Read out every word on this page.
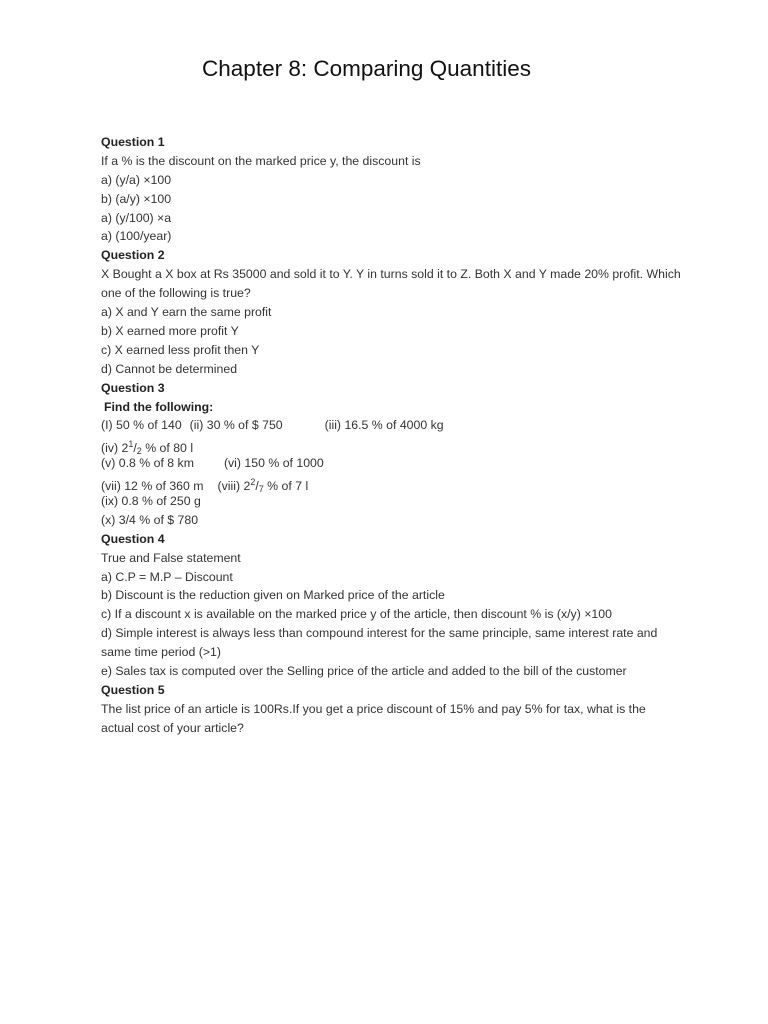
Chapter 8: Comparing Quantities
Question 1
If a % is the discount on the marked price y, the discount is
a) (y/a) ×100
b) (a/y) ×100
a) (y/100) ×a
a) (100/year)
Question 2
X Bought a X box at Rs 35000 and sold it to Y. Y in turns sold it to Z. Both X and Y made 20% profit. Which one of the following is true?
a) X and Y earn the same profit
b) X earned more profit Y
c) X earned less profit then Y
d) Cannot be determined
Question 3
Find the following:
(I) 50 % of 140 (ii) 30 % of $ 750	(iii) 16.5 % of 4000 kg
(iv) $2^1/_2$ % of 80 l
(v) 0.8 % of 8 km (vi) 150 % of 1000
(vii) 12 % of 360 m (viii) $2^2/_7$ % of 7 l
(ix) 0.8 % of 250 g
(x) 3/4 % of $ 780
Question 4
True and False statement
a) C.P = M.P – Discount
b) Discount is the reduction given on Marked price of the article
c) If a discount x is available on the marked price y of the article, then discount % is (x/y) ×100
d) Simple interest is always less than compound interest for the same principle, same interest rate and same time period (>1)
e) Sales tax is computed over the Selling price of the article and added to the bill of the customer
Question 5
The list price of an article is 100Rs.If you get a price discount of 15% and pay 5% for tax, what is the actual cost of your article?
